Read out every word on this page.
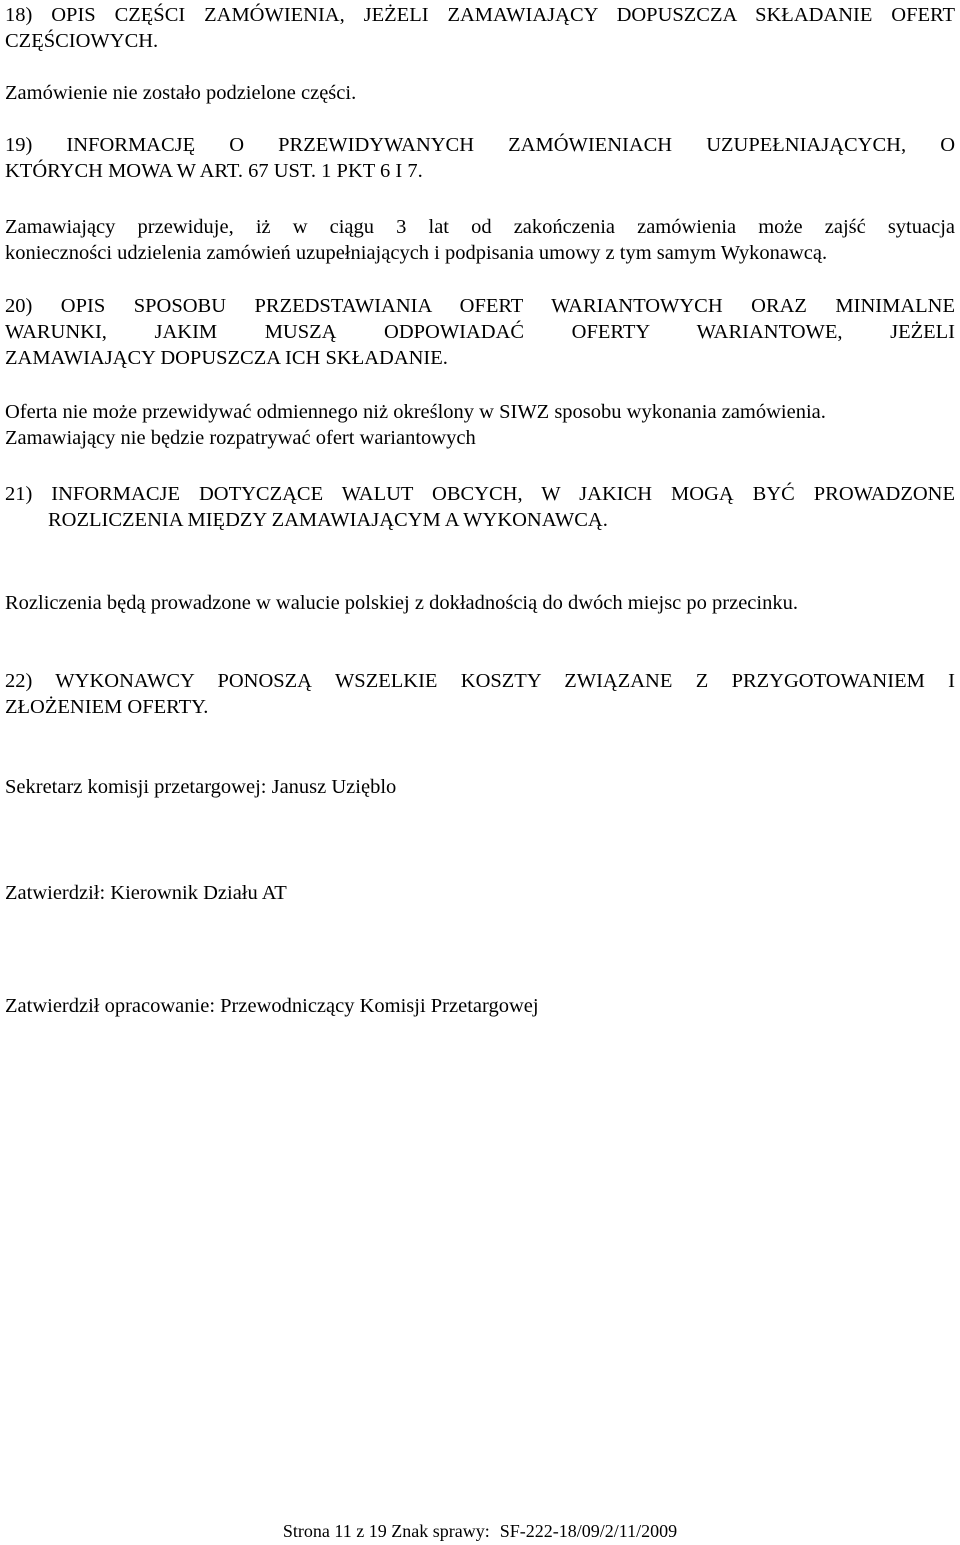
18) OPIS CZĘŚCI ZAMÓWIENIA, JEŻELI ZAMAWIAJĄCY DOPUSZCZA SKŁADANIE OFERT
CZĘŚCIOWYCH.
Zamówienie nie zostało podzielone części.
19) INFORMACJĘ O PRZEWIDYWANYCH ZAMÓWIENIACH UZUPEŁNIAJĄCYCH, O
KTÓRYCH MOWA W ART. 67 UST. 1 PKT 6 I 7.
Zamawiający przewiduje, iż w ciągu 3 lat od zakończenia zamówienia może zajść sytuacja
konieczności udzielenia zamówień uzupełniających i podpisania umowy z tym samym Wykonawcą.
20) OPIS SPOSOBU PRZEDSTAWIANIA OFERT WARIANTOWYCH ORAZ MINIMALNE
WARUNKI, JAKIM MUSZĄ ODPOWIADAĆ OFERTY WARIANTOWE, JEŻELI
ZAMAWIAJĄCY DOPUSZCZA ICH SKŁADANIE.
Oferta nie może przewidywać odmiennego niż określony w SIWZ sposobu wykonania zamówienia.
Zamawiający nie będzie rozpatrywać ofert wariantowych
21) INFORMACJE DOTYCZĄCE WALUT OBCYCH, W JAKICH MOGĄ BYĆ PROWADZONE
ROZLICZENIA MIĘDZY ZAMAWIAJĄCYM A WYKONAWCĄ.
Rozliczenia będą prowadzone w walucie polskiej z dokładnością do dwóch miejsc po przecinku.
22) WYKONAWCY PONOSZĄ WSZELKIE KOSZTY ZWIĄZANE Z PRZYGOTOWANIEM I
ZŁOŻENIEM OFERTY.
Sekretarz komisji przetargowej: Janusz Uzięblo
Zatwierdził: Kierownik Działu AT
Zatwierdził opracowanie: Przewodniczący Komisji Przetargowej
Strona 11 z 19 Znak sprawy: SF-222-18/09/2/11/2009
